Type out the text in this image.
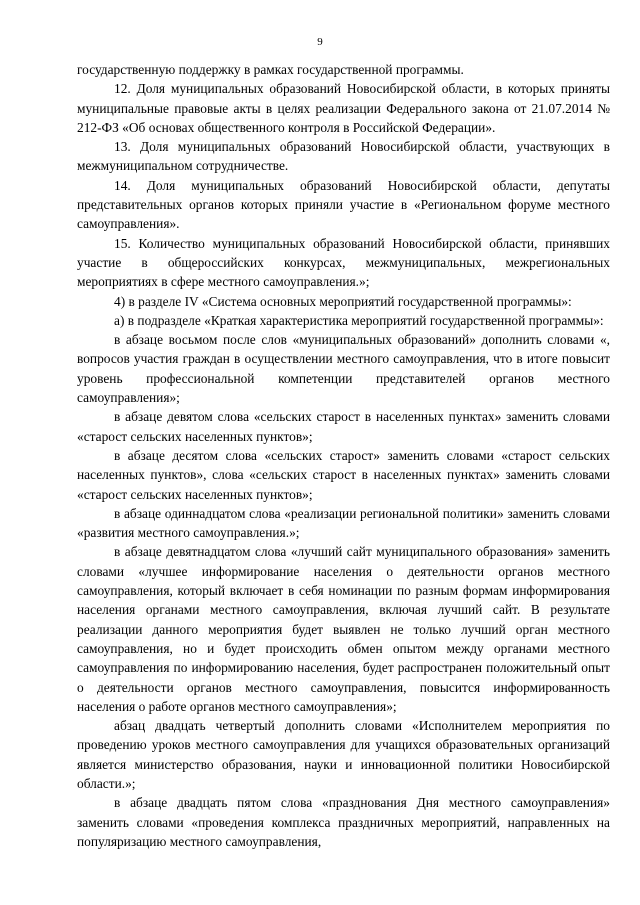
9

государственную поддержку в рамках государственной программы.

12. Доля муниципальных образований Новосибирской области, в которых приняты муниципальные правовые акты в целях реализации Федерального закона от 21.07.2014 № 212-ФЗ «Об основах общественного контроля в Российской Федерации».

13. Доля муниципальных образований Новосибирской области, участвующих в межмуниципальном сотрудничестве.

14. Доля муниципальных образований Новосибирской области, депутаты представительных органов которых приняли участие в «Региональном форуме местного самоуправления».

15. Количество муниципальных образований Новосибирской области, принявших участие в общероссийских конкурсах, межмуниципальных, межрегиональных мероприятиях в сфере местного самоуправления.»;

4) в разделе IV «Система основных мероприятий государственной программы»:

а) в подразделе «Краткая характеристика мероприятий государственной программы»:

в абзаце восьмом после слов «муниципальных образований» дополнить словами «, вопросов участия граждан в осуществлении местного самоуправления, что в итоге повысит уровень профессиональной компетенции представителей органов местного самоуправления»;

в абзаце девятом слова «сельских старост в населенных пунктах» заменить словами «старост сельских населенных пунктов»;

в абзаце десятом слова «сельских старост» заменить словами «старост сельских населенных пунктов», слова «сельских старост в населенных пунктах» заменить словами «старост сельских населенных пунктов»;

в абзаце одиннадцатом слова «реализации региональной политики» заменить словами «развития местного самоуправления.»;

в абзаце девятнадцатом слова «лучший сайт муниципального образования» заменить словами «лучшее информирование населения о деятельности органов местного самоуправления, который включает в себя номинации по разным формам информирования населения органами местного самоуправления, включая лучший сайт. В результате реализации данного мероприятия будет выявлен не только лучший орган местного самоуправления, но и будет происходить обмен опытом между органами местного самоуправления по информированию населения, будет распространен положительный опыт о деятельности органов местного самоуправления, повысится информированность населения о работе органов местного самоуправления»;

абзац двадцать четвертый дополнить словами «Исполнителем мероприятия по проведению уроков местного самоуправления для учащихся образовательных организаций является министерство образования, науки и инновационной политики Новосибирской области.»;

в абзаце двадцать пятом слова «празднования Дня местного самоуправления» заменить словами «проведения комплекса праздничных мероприятий, направленных на популяризацию местного самоуправления,
